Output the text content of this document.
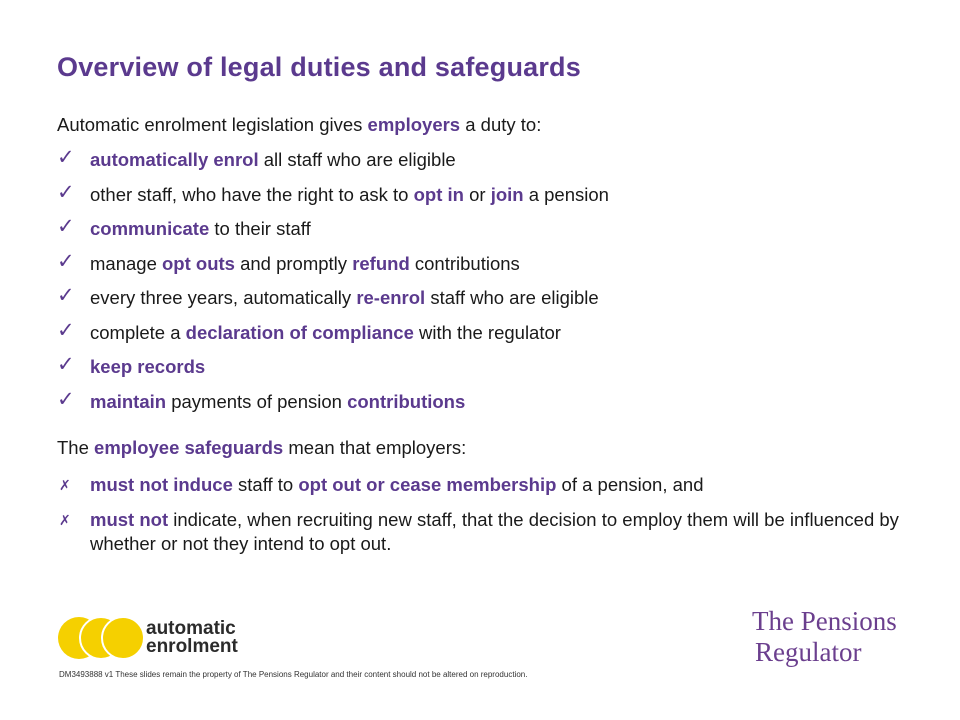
Overview of legal duties and safeguards
Automatic enrolment legislation gives employers a duty to:
✓ automatically enrol all staff who are eligible
✓ other staff, who have the right to ask to opt in or join a pension
✓ communicate to their staff
✓ manage opt outs and promptly refund contributions
✓ every three years, automatically re-enrol staff who are eligible
✓ complete a declaration of compliance with the regulator
✓ keep records
✓ maintain payments of pension contributions
The employee safeguards mean that employers:
✗ must not induce staff to opt out or cease membership of a pension, and
✗ must not indicate, when recruiting new staff, that the decision to employ them will be influenced by whether or not they intend to opt out.
automatic
enrolment
The Pensions
Regulator
DM3493888 v1 These slides remain the property of The Pensions Regulator and their content should not be altered on reproduction.
